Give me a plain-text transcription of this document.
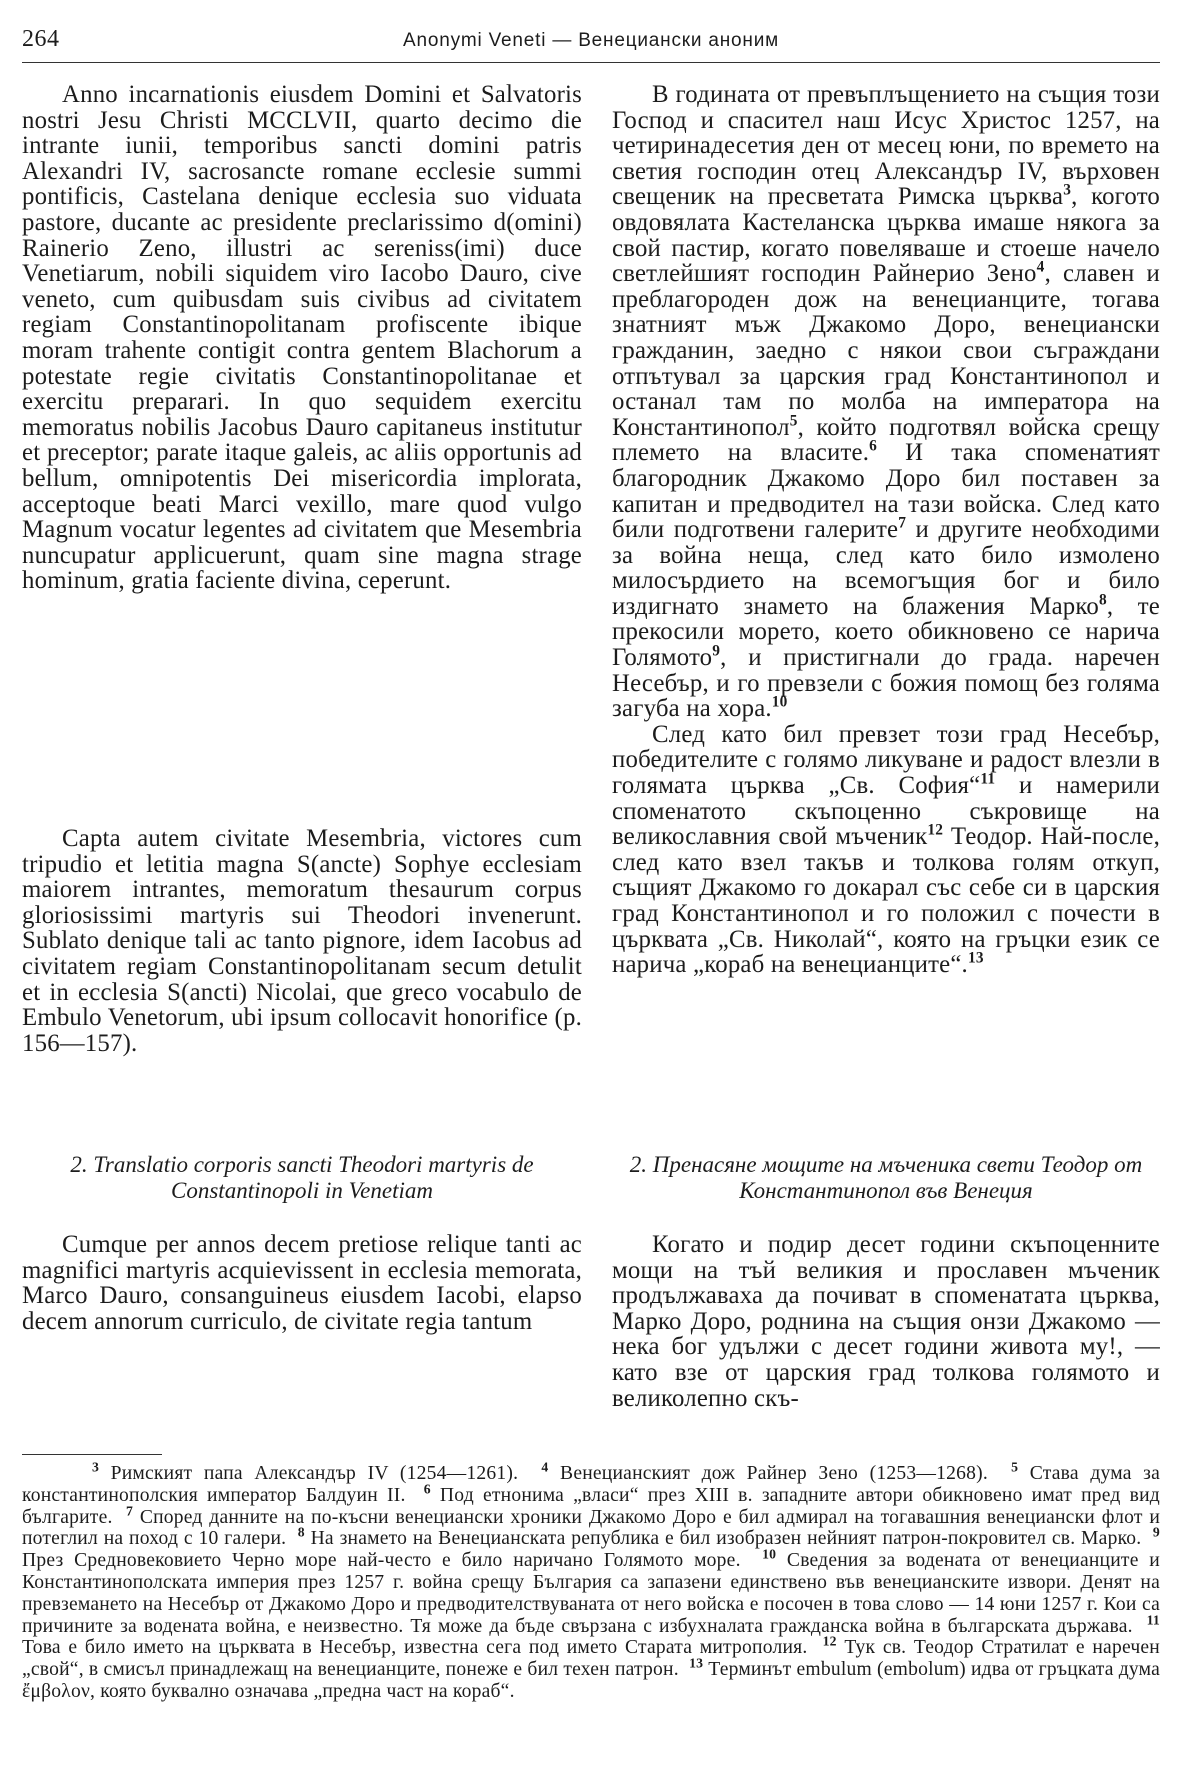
264	Anonymi Veneti — Венециански аноним

Anno incarnationis eiusdem Domini et Salvatoris nostri Jesu Christi MCCLVII, quarto decimo die intrante iunii, temporibus sancti domini patris Alexandri IV, sacrosancte romane ecclesie summi pontificis, Castelana denique ecclesia suo viduata pastore, ducante ac presidente preclarissimo d(omini) Rainerio Zeno, illustri ac sereniss(imi) duce Venetiarum, nobili siquidem viro Iacobo Dauro, cive veneto, cum quibusdam suis civibus ad civitatem regiam Constantinopolitanam profiscente ibique moram trahente contigit contra gentem Blachorum a potestate regie civitatis Constantinopolitanae et exercitu preparari. In quo sequidem exercitu memoratus nobilis Jacobus Dauro capitaneus institutur et preceptor; parate itaque galeis, ac aliis opportunis ad bellum, omnipotentis Dei misericordia implorata, acceptoque beati Marci vexillo, mare quod vulgo Magnum vocatur legentes ad civitatem que Mesembria nuncupatur applicuerunt, quam sine magna strage hominum, gratia faciente divina, ceperunt.

Capta autem civitate Mesembria, victores cum tripudio et letitia magna S(ancte) Sophye ecclesiam maiorem intrantes, memoratum thesaurum corpus gloriosissimi martyris sui Theodori invenerunt. Sublato denique tali ac tanto pignore, idem Iacobus ad civitatem regiam Constantinopolitanam secum detulit et in ecclesia S(ancti) Nicolai, que greco vocabulo de Embulo Venetorum, ubi ipsum collocavit honorifice (p. 156—157).

2. Translatio corporis sancti Theodori martyris de Constantinopoli in Venetiam

Cumque per annos decem pretiose relique tanti ac magnifici martyris acquievissent in ecclesia memorata, Marco Dauro, consanguineus eiusdem Iacobi, elapso decem annorum curriculo, de civitate regia tantum

В годината от превъплъщението на същия този Господ и спасител наш Исус Христос 1257, на четиринадесетия ден от месец юни, по времето на светия господин отец Александър IV, върховен свещеник на пресветата Римска църква$^3$, когото овдовялата Кастеланска църква имаше някога за свой пастир, когато повеляваше и стоеше начело светлейшият господин Райнерио Зено$^4$, славен и преблагороден дож на венецианците, тогава знатният мъж Джакомо Доро, венециански гражданин, заедно с някои свои съграждани отпътувал за царския град Константинопол и останал там по молба на императора на Константинопол$^5$, който подготвял войска срещу племето на власите.$^6$ И така споменатият благородник Джакомо Доро бил поставен за капитан и предводител на тази войска. След като били подготвени галерите$^7$ и другите необходими за война неща, след като било измолено милосърдието на всемогъщия бог и било издигнато знамето на блажения Марко$^8$, те прекосили морето, което обикновено се нарича Голямото$^9$, и пристигнали до града. наречен Несебър, и го превзели с божия помощ без голяма загуба на хора.$^{10}$

След като бил превзет този град Несебър, победителите с голямо ликуване и радост влезли в голямата църква „Св. София“$^{11}$ и намерили споменатото скъпоценно съкровище на великославния свой мъченик$^{12}$ Теодор. Най-после, след като взел такъв и толкова голям откуп, същият Джакомо го докарал със себе си в царския град Константинопол и го положил с почести в църквата „Св. Николай“, която на гръцки език се нарича „кораб на венецианците“.$^{13}$

2. Пренасяне мощите на мъченика свети Теодор от Константинопол във Венеция

Когато и подир десет години скъпоценните мощи на тъй великия и прославен мъченик продължаваха да почиват в споменатата църква, Марко Доро, роднина на същия онзи Джакомо — нека бог удължи с десет години живота му!, — като взе от царския град толкова голямото и великолепно скъ-

$^3$ Римският папа Александър IV (1254—1261). $^4$ Венецианският дож Райнер Зено (1253—1268). $^5$ Става дума за константинополския император Балдуин II. $^6$ Под етнонима „власи“ през XIII в. западните автори обикновено имат пред вид българите. $^7$ Според данните на по-късни венециански хроники Джакомо Доро е бил адмирал на тогавашния венециански флот и потеглил на поход с 10 галери. $^8$ На знамето на Венецианската република е бил изобразен нейният патрон-покровител св. Марко. $^9$ През Средновековието Черно море най-често е било наричано Голямото море. $^{10}$ Сведения за водената от венецианците и Константинополската империя през 1257 г. война срещу България са запазени единствено във венецианските извори. Денят на превземането на Несебър от Джакомо Доро и предводителствуваната от него войска е посочен в това слово — 14 юни 1257 г. Кои са причините за водената война, е неизвестно. Тя може да бъде свързана с избухналата гражданска война в българската държава. $^{11}$ Това е било името на църквата в Несебър, известна сега под името Старата митрополия. $^{12}$ Тук св. Теодор Стратилат е наречен „свой“, в смисъл принадлежащ на венецианците, понеже е бил техен патрон. $^{13}$ Терминът embulum (embolum) идва от гръцката дума ἔμβολον, която буквално означава „предна част на кораб“.
